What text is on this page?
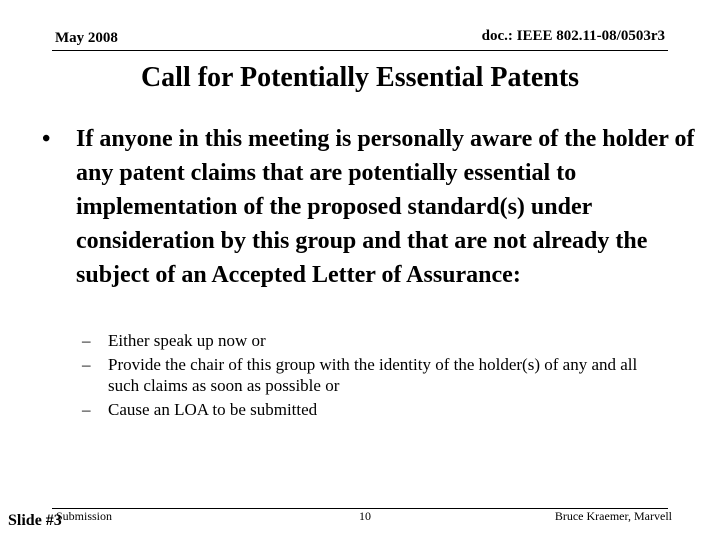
May 2008	doc.: IEEE 802.11-08/0503r3
Call for Potentially Essential Patents
• If anyone in this meeting is personally aware of the holder of any patent claims that are potentially essential to implementation of the proposed standard(s) under consideration by this group and that are not already the subject of an Accepted Letter of Assurance:
– Either speak up now or
– Provide the chair of this group with the identity of the holder(s) of any and all such claims as soon as possible or
– Cause an LOA to be submitted
Slide #3
Submission	10	Bruce Kraemer, Marvell
